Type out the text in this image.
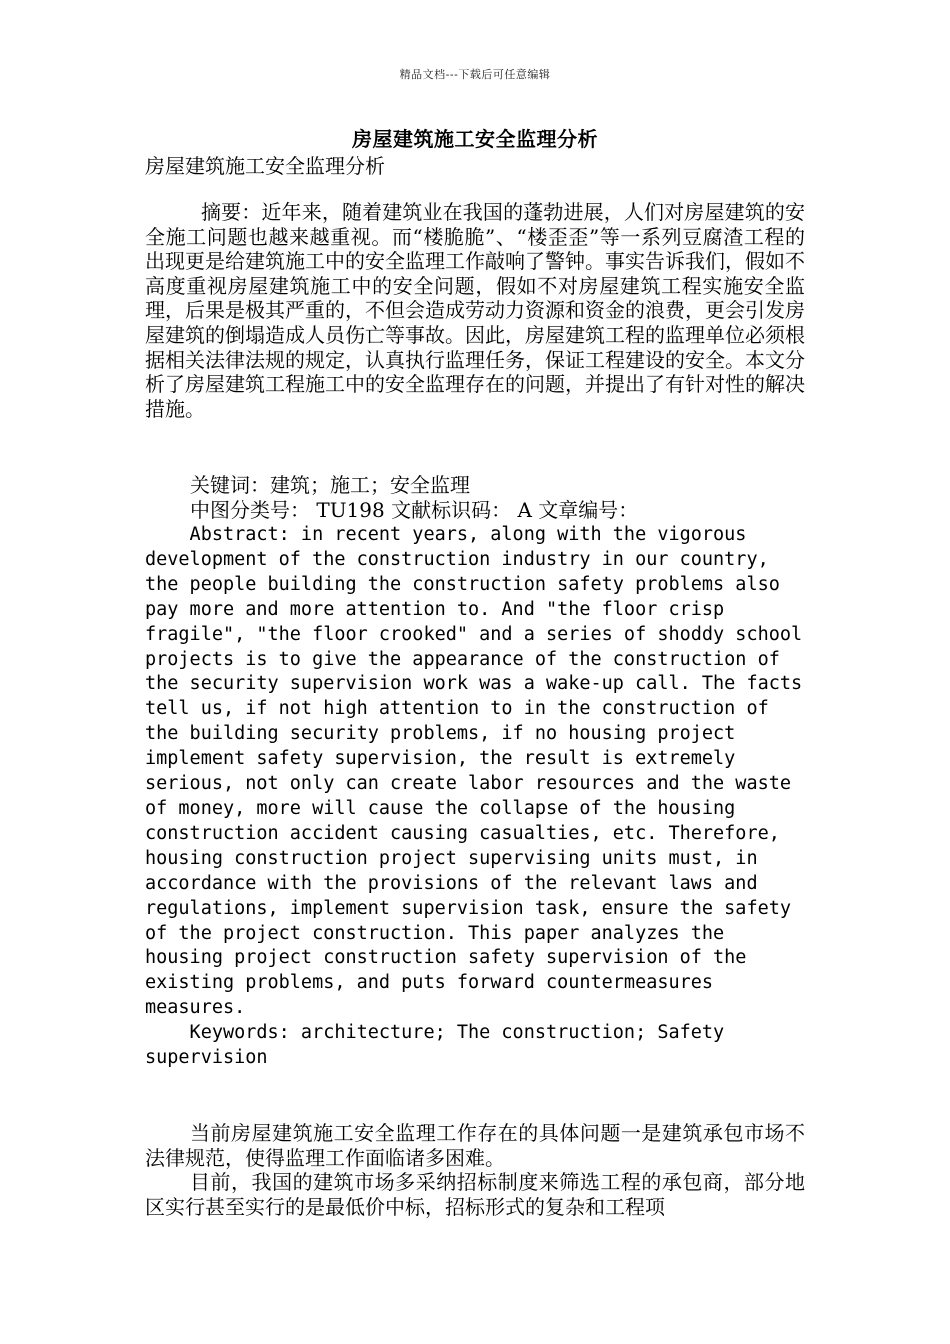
精品文档---下载后可任意编辑
房屋建筑施工安全监理分析
房屋建筑施工安全监理分析

摘要：近年来，随着建筑业在我国的蓬勃进展，人们对房屋建筑的安全施工问题也越来越重视。而“楼脆脆”、“楼歪歪”等一系列豆腐渣工程的出现更是给建筑施工中的安全监理工作敲响了警钟。事实告诉我们，假如不高度重视房屋建筑施工中的安全问题，假如不对房屋建筑工程实施安全监理，后果是极其严重的，不但会造成劳动力资源和资金的浪费，更会引发房屋建筑的倒塌造成人员伤亡等事故。因此，房屋建筑工程的监理单位必须根据相关法律法规的规定，认真执行监理任务，保证工程建设的安全。本文分析了房屋建筑工程施工中的安全监理存在的问题，并提出了有针对性的解决措施。

关键词：建筑；施工；安全监理
中图分类号： TU198 文献标识码： A 文章编号：
Abstract: in recent years, along with the vigorous
development of the construction industry in our country,
the people building the construction safety problems also
pay more and more attention to. And "the floor crisp
fragile", "the floor crooked" and a series of shoddy school
projects is to give the appearance of the construction of
the security supervision work was a wake-up call. The facts
tell us, if not high attention to in the construction of
the building security problems, if no housing project
implement safety supervision, the result is extremely
serious, not only can create labor resources and the waste
of money, more will cause the collapse of the housing
construction accident causing casualties, etc. Therefore,
housing construction project supervising units must, in
accordance with the provisions of the relevant laws and
regulations, implement supervision task, ensure the safety
of the project construction. This paper analyzes the
housing project construction safety supervision of the
existing problems, and puts forward countermeasures
measures.
Keywords: architecture; The construction; Safety
supervision

当前房屋建筑施工安全监理工作存在的具体问题一是建筑承包市场不法律规范，使得监理工作面临诸多困难。

目前，我国的建筑市场多采纳招标制度来筛选工程的承包商，部分地区实行甚至实行的是最低价中标，招标形式的复杂和工程项
